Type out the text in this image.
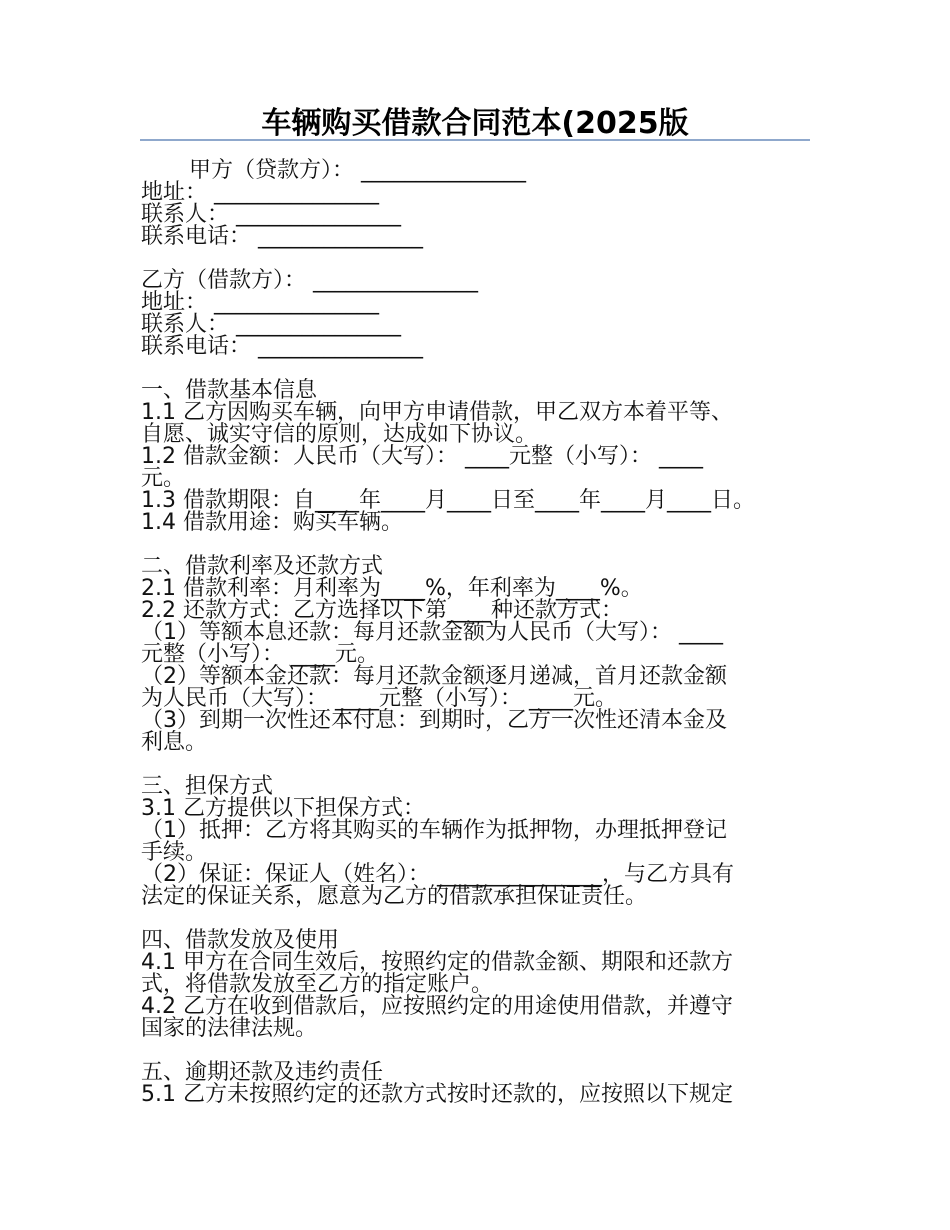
车辆购买借款合同范本(2025版
甲方（贷款方）： _______________
地址： _______________
联系人： _______________
联系电话： _______________
乙方（借款方）： _______________
地址： _______________
联系人： _______________
联系电话： _______________
一、借款基本信息
1.1 乙方因购买车辆，向甲方申请借款，甲乙双方本着平等、
自愿、诚实守信的原则，达成如下协议。
1.2 借款金额：人民币（大写）： ____元整（小写）： ____
元。
1.3 借款期限：自____年____月____日至____年____月____日。
1.4 借款用途：购买车辆。
二、借款利率及还款方式
2.1 借款利率：月利率为____%，年利率为____%。
2.2 还款方式：乙方选择以下第____种还款方式：
（1）等额本息还款：每月还款金额为人民币（大写）： ____
元整（小写）： ____元。
（2）等额本金还款：每月还款金额逐月递减，首月还款金额
为人民币（大写）： ____元整（小写）： ____元。
（3）到期一次性还本付息：到期时，乙方一次性还清本金及
利息。
三、担保方式
3.1 乙方提供以下担保方式：
（1）抵押：乙方将其购买的车辆作为抵押物，办理抵押登记
手续。
（2）保证：保证人（姓名）： _______________，与乙方具有
法定的保证关系，愿意为乙方的借款承担保证责任。
四、借款发放及使用
4.1 甲方在合同生效后，按照约定的借款金额、期限和还款方
式，将借款发放至乙方的指定账户。
4.2 乙方在收到借款后，应按照约定的用途使用借款，并遵守
国家的法律法规。
五、逾期还款及违约责任
5.1 乙方未按照约定的还款方式按时还款的，应按照以下规定
